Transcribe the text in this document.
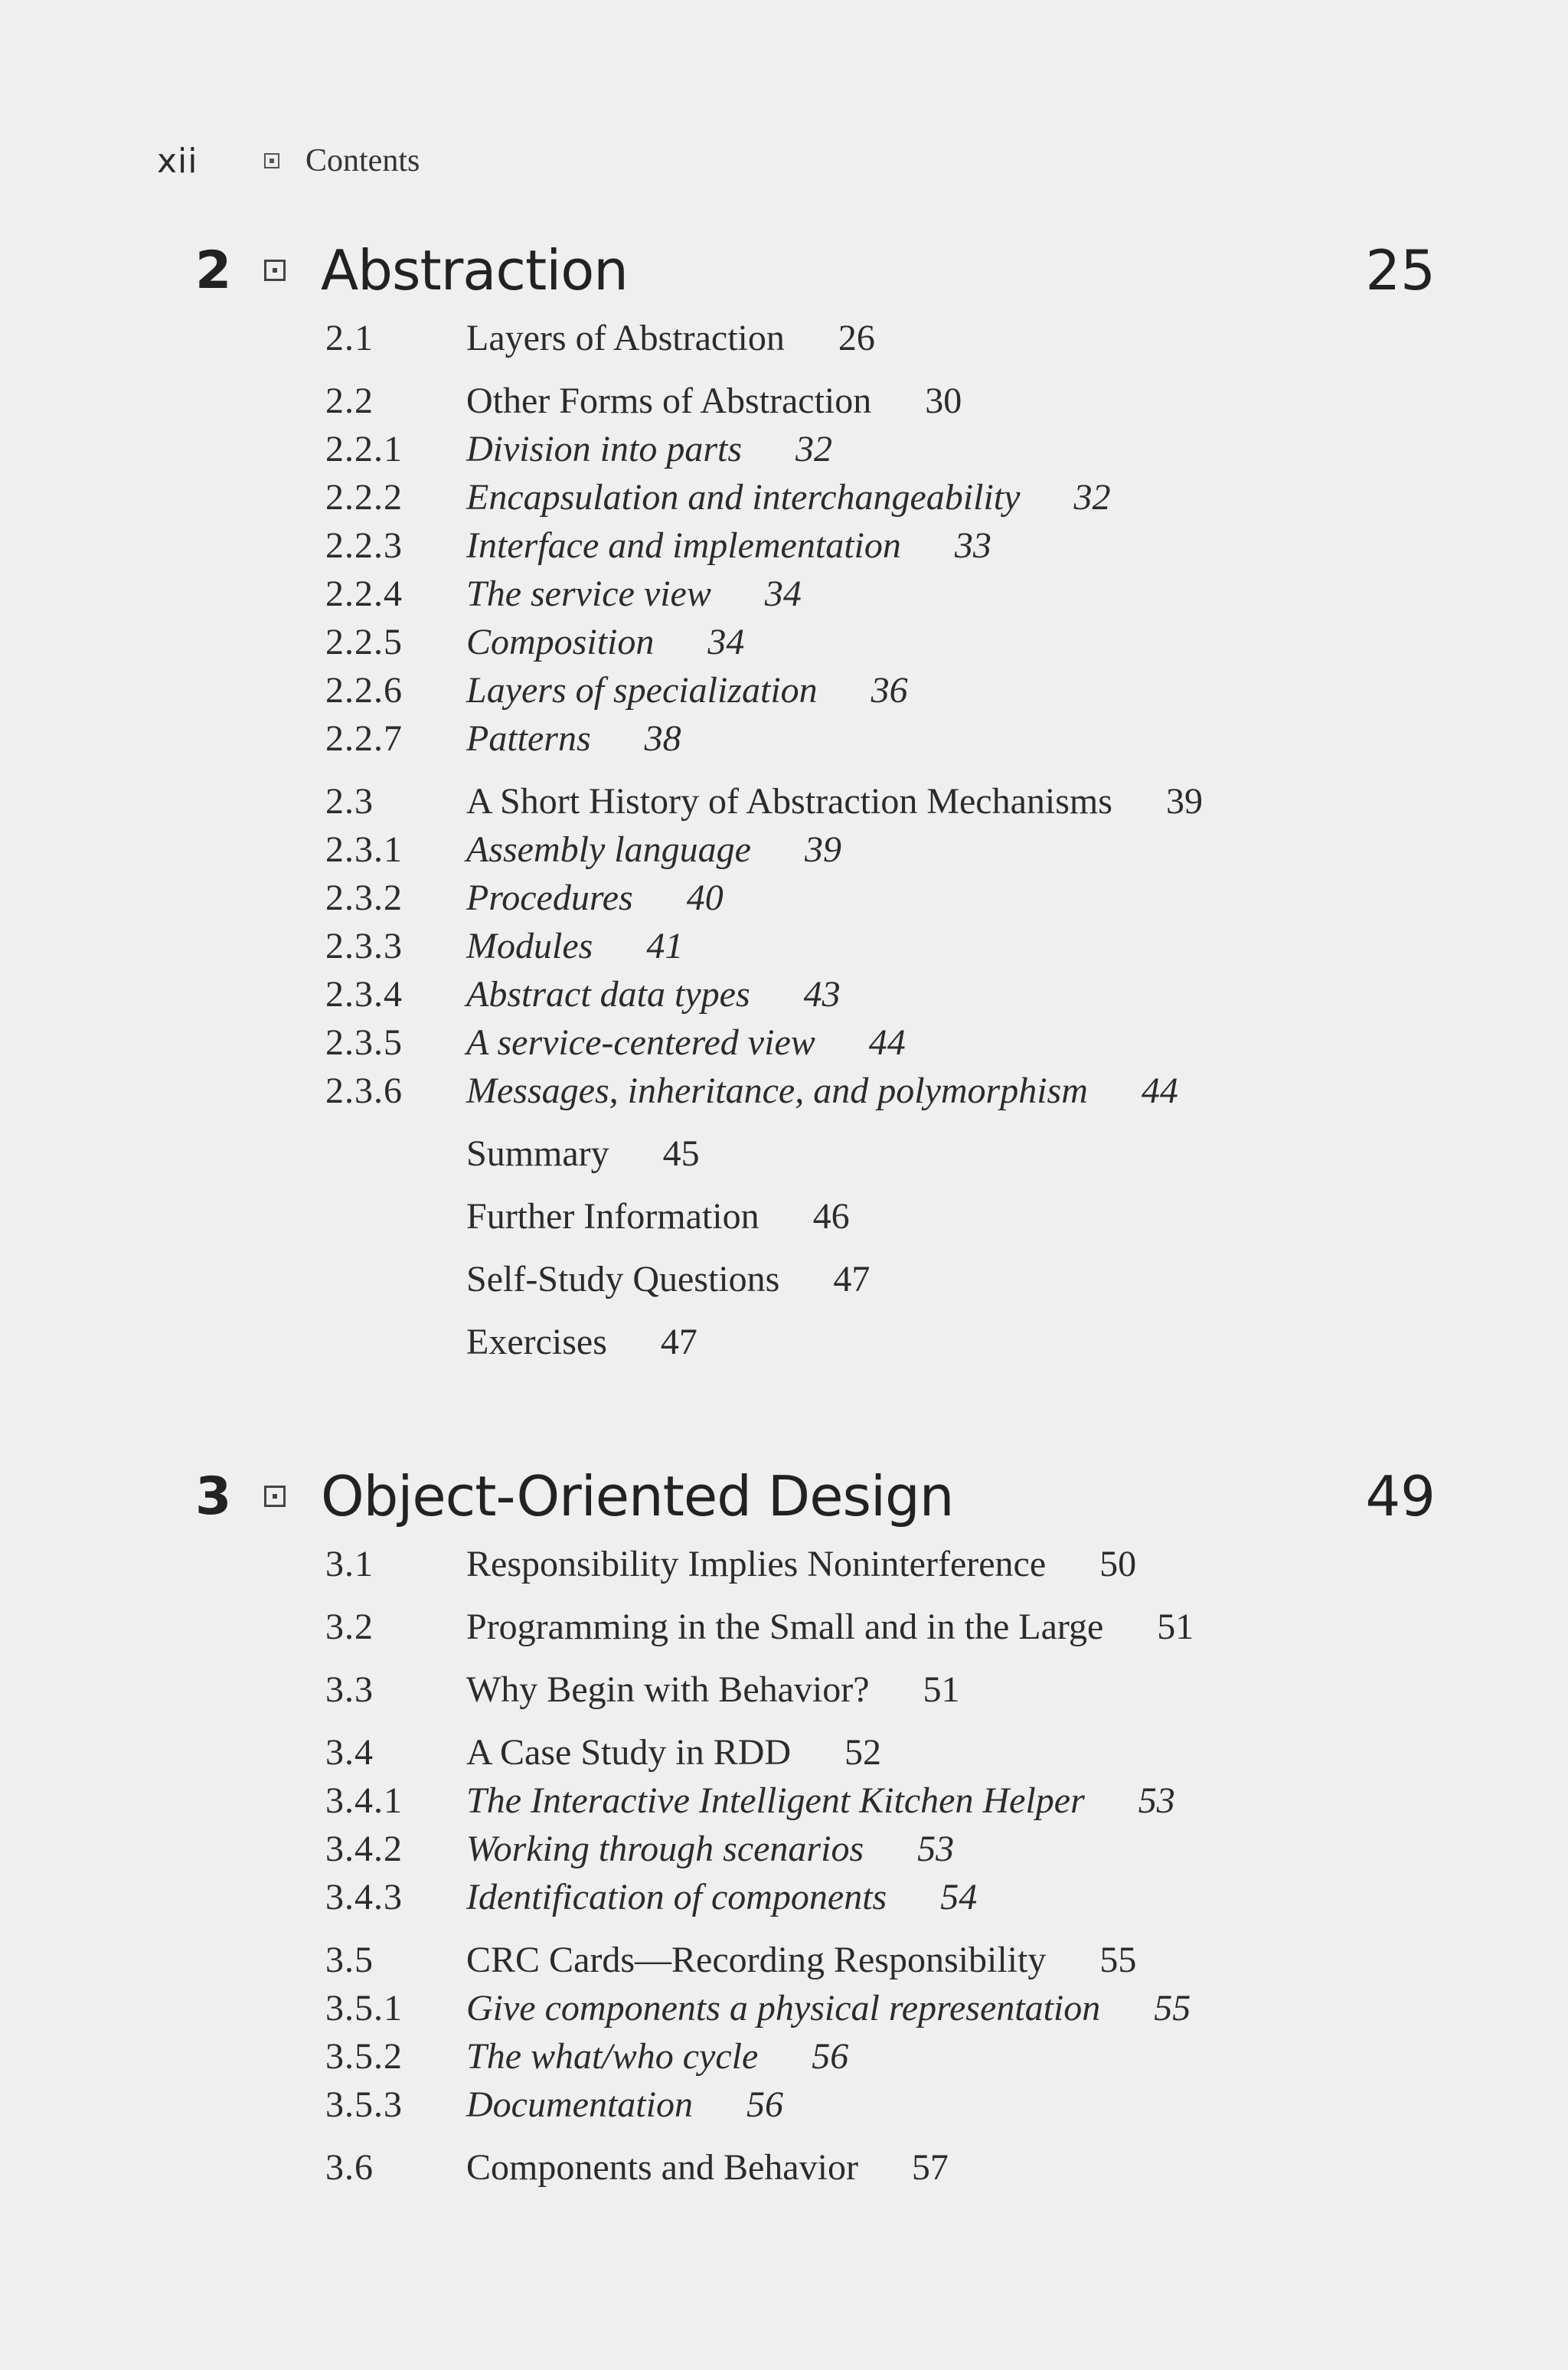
xii	Contents
2	Abstraction	25
2.1	Layers of Abstraction 26
2.2	Other Forms of Abstraction 30
2.2.1	Division into parts 32
2.2.2	Encapsulation and interchangeability 32
2.2.3	Interface and implementation 33
2.2.4	The service view 34
2.2.5	Composition 34
2.2.6	Layers of specialization 36
2.2.7	Patterns 38
2.3	A Short History of Abstraction Mechanisms 39
2.3.1	Assembly language 39
2.3.2	Procedures 40
2.3.3	Modules 41
2.3.4	Abstract data types 43
2.3.5	A service-centered view 44
2.3.6	Messages, inheritance, and polymorphism 44
Summary 45
Further Information 46
Self-Study Questions 47
Exercises 47
3	Object-Oriented Design	49
3.1	Responsibility Implies Noninterference 50
3.2	Programming in the Small and in the Large 51
3.3	Why Begin with Behavior? 51
3.4	A Case Study in RDD 52
3.4.1	The Interactive Intelligent Kitchen Helper 53
3.4.2	Working through scenarios 53
3.4.3	Identification of components 54
3.5	CRC Cards—Recording Responsibility 55
3.5.1	Give components a physical representation 55
3.5.2	The what/who cycle 56
3.5.3	Documentation 56
3.6	Components and Behavior 57
